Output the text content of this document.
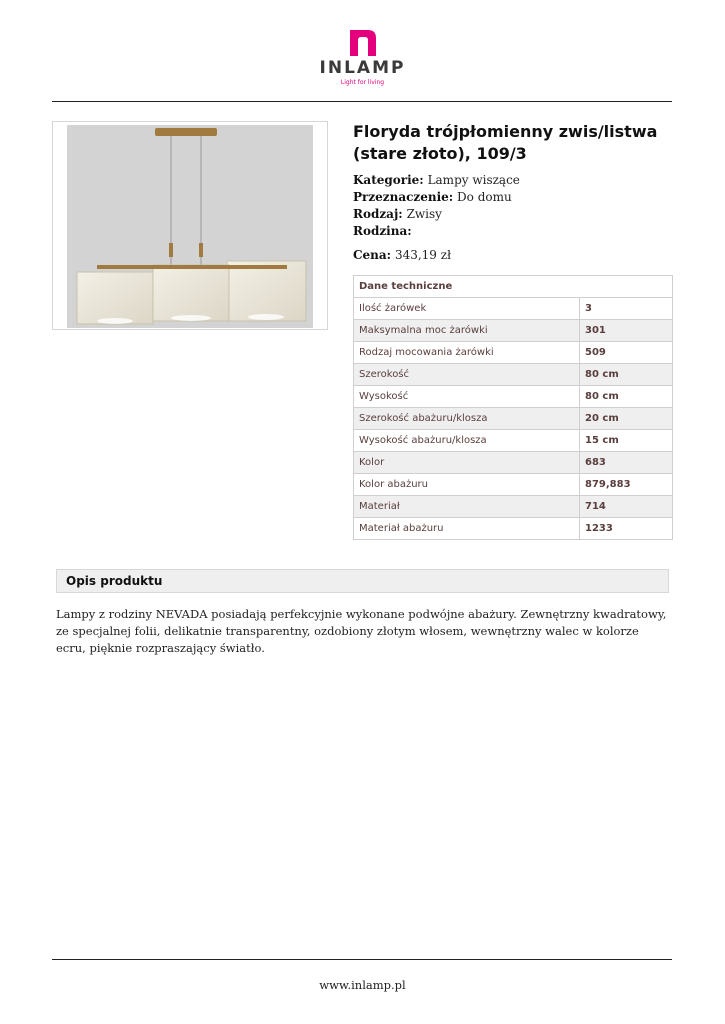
INLAMP
Light for living
Floryda trójpłomienny zwis/listwa (stare złoto), 109/3
Kategorie: Lampy wiszące
Przeznaczenie: Do domu
Rodzaj: Zwisy
Rodzina:
Cena: 343,19 zł
Dane techniczne	
Ilość żarówek	3
Maksymalna moc żarówki	301
Rodzaj mocowania żarówki	509
Szerokość	80 cm
Wysokość	80 cm
Szerokość abażuru/klosza	20 cm
Wysokość abażuru/klosza	15 cm
Kolor	683
Kolor abażuru	879,883
Materiał	714
Materiał abażuru	1233
Opis produktu
Lampy z rodziny NEVADA posiadają perfekcyjnie wykonane podwójne abażury. Zewnętrzny kwadratowy, ze specjalnej folii, delikatnie transparentny, ozdobiony złotym włosem, wewnętrzny walec w kolorze ecru, pięknie rozpraszający światło.
www.inlamp.pl
